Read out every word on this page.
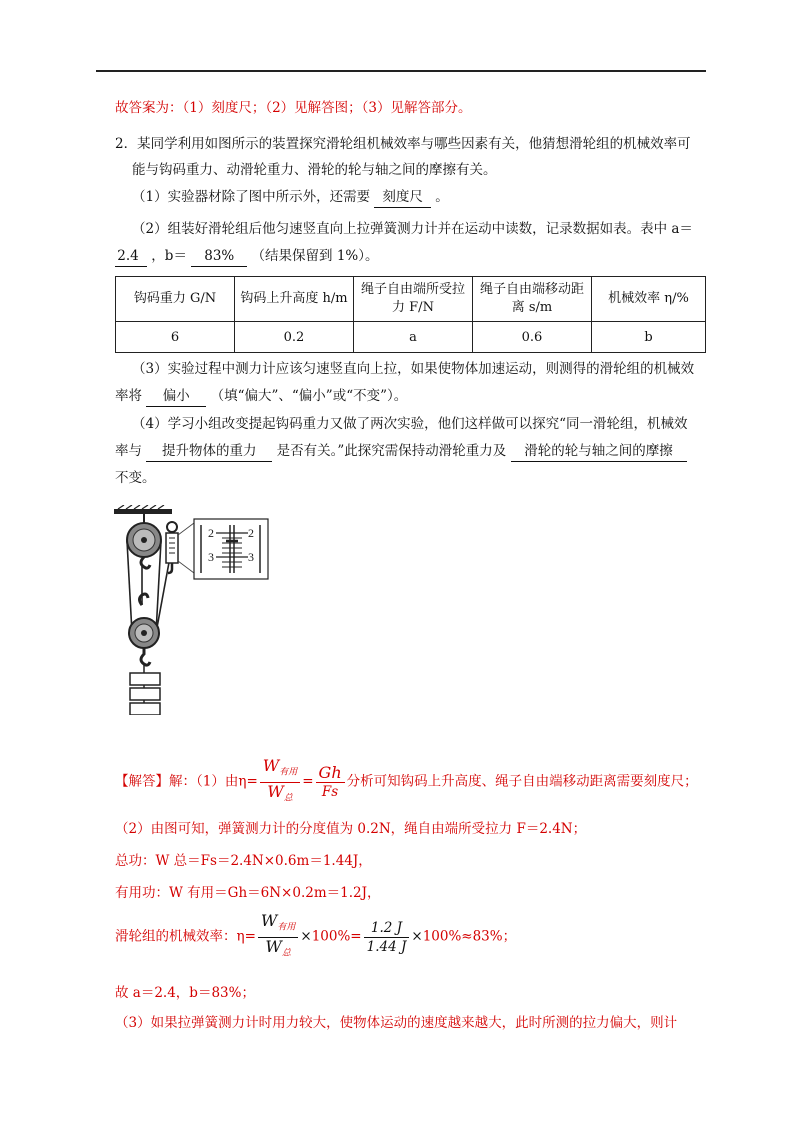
故答案为：（1）刻度尺；（2）见解答图；（3）见解答部分。
2．某同学利用如图所示的装置探究滑轮组机械效率与哪些因素有关，他猜想滑轮组的机械效率可
能与钩码重力、动滑轮重力、滑轮的轮与轴之间的摩擦有关。
（1）实验器材除了图中所示外，还需要 刻度尺 。
（2）组装好滑轮组后他匀速竖直向上拉弹簧测力计并在运动中读数，记录数据如表。表中 a＝
2.4 ，b＝ 83% （结果保留到 1%）。
钩码重力 G/N	钩码上升高度 h/m	绳子自由端所受拉力 F/N	绳子自由端移动距离 s/m	机械效率 η/%
6	0.2	a	0.6	b
（3）实验过程中测力计应该匀速竖直向上拉，如果使物体加速运动，则测得的滑轮组的机械效
率将 偏小 （填“偏大”、“偏小”或“不变”）。
（4）学习小组改变提起钩码重力又做了两次实验，他们这样做可以探究“同一滑轮组，机械效
率与 提升物体的重力 是否有关。”此探究需保持动滑轮重力及 滑轮的轮与轴之间的摩擦
不变。
2
3
2
3
【解答】解：（1）由$\eta= \frac{W_{有用}}{W_总} = \frac{Gh}{Fs}$ 分析可知钩码上升高度、绳子自由端移动距离需要刻度尺；
（2）由图可知，弹簧测力计的分度值为 0.2N，绳自由端所受拉力 F＝2.4N；
总功：W 总＝Fs＝2.4N×0.6m＝1.44J，
有用功：W 有用＝Gh＝6N×0.2m＝1.2J，
滑轮组的机械效率：$\eta= \frac{W_{有用}}{W_总} \times 100\%= \frac{1.2 J}{1.44 J} \times 100\%\approx 83\%$；
故 a＝2.4，b＝83%；
（3）如果拉弹簧测力计时用力较大，使物体运动的速度越来越大，此时所测的拉力偏大，则计
